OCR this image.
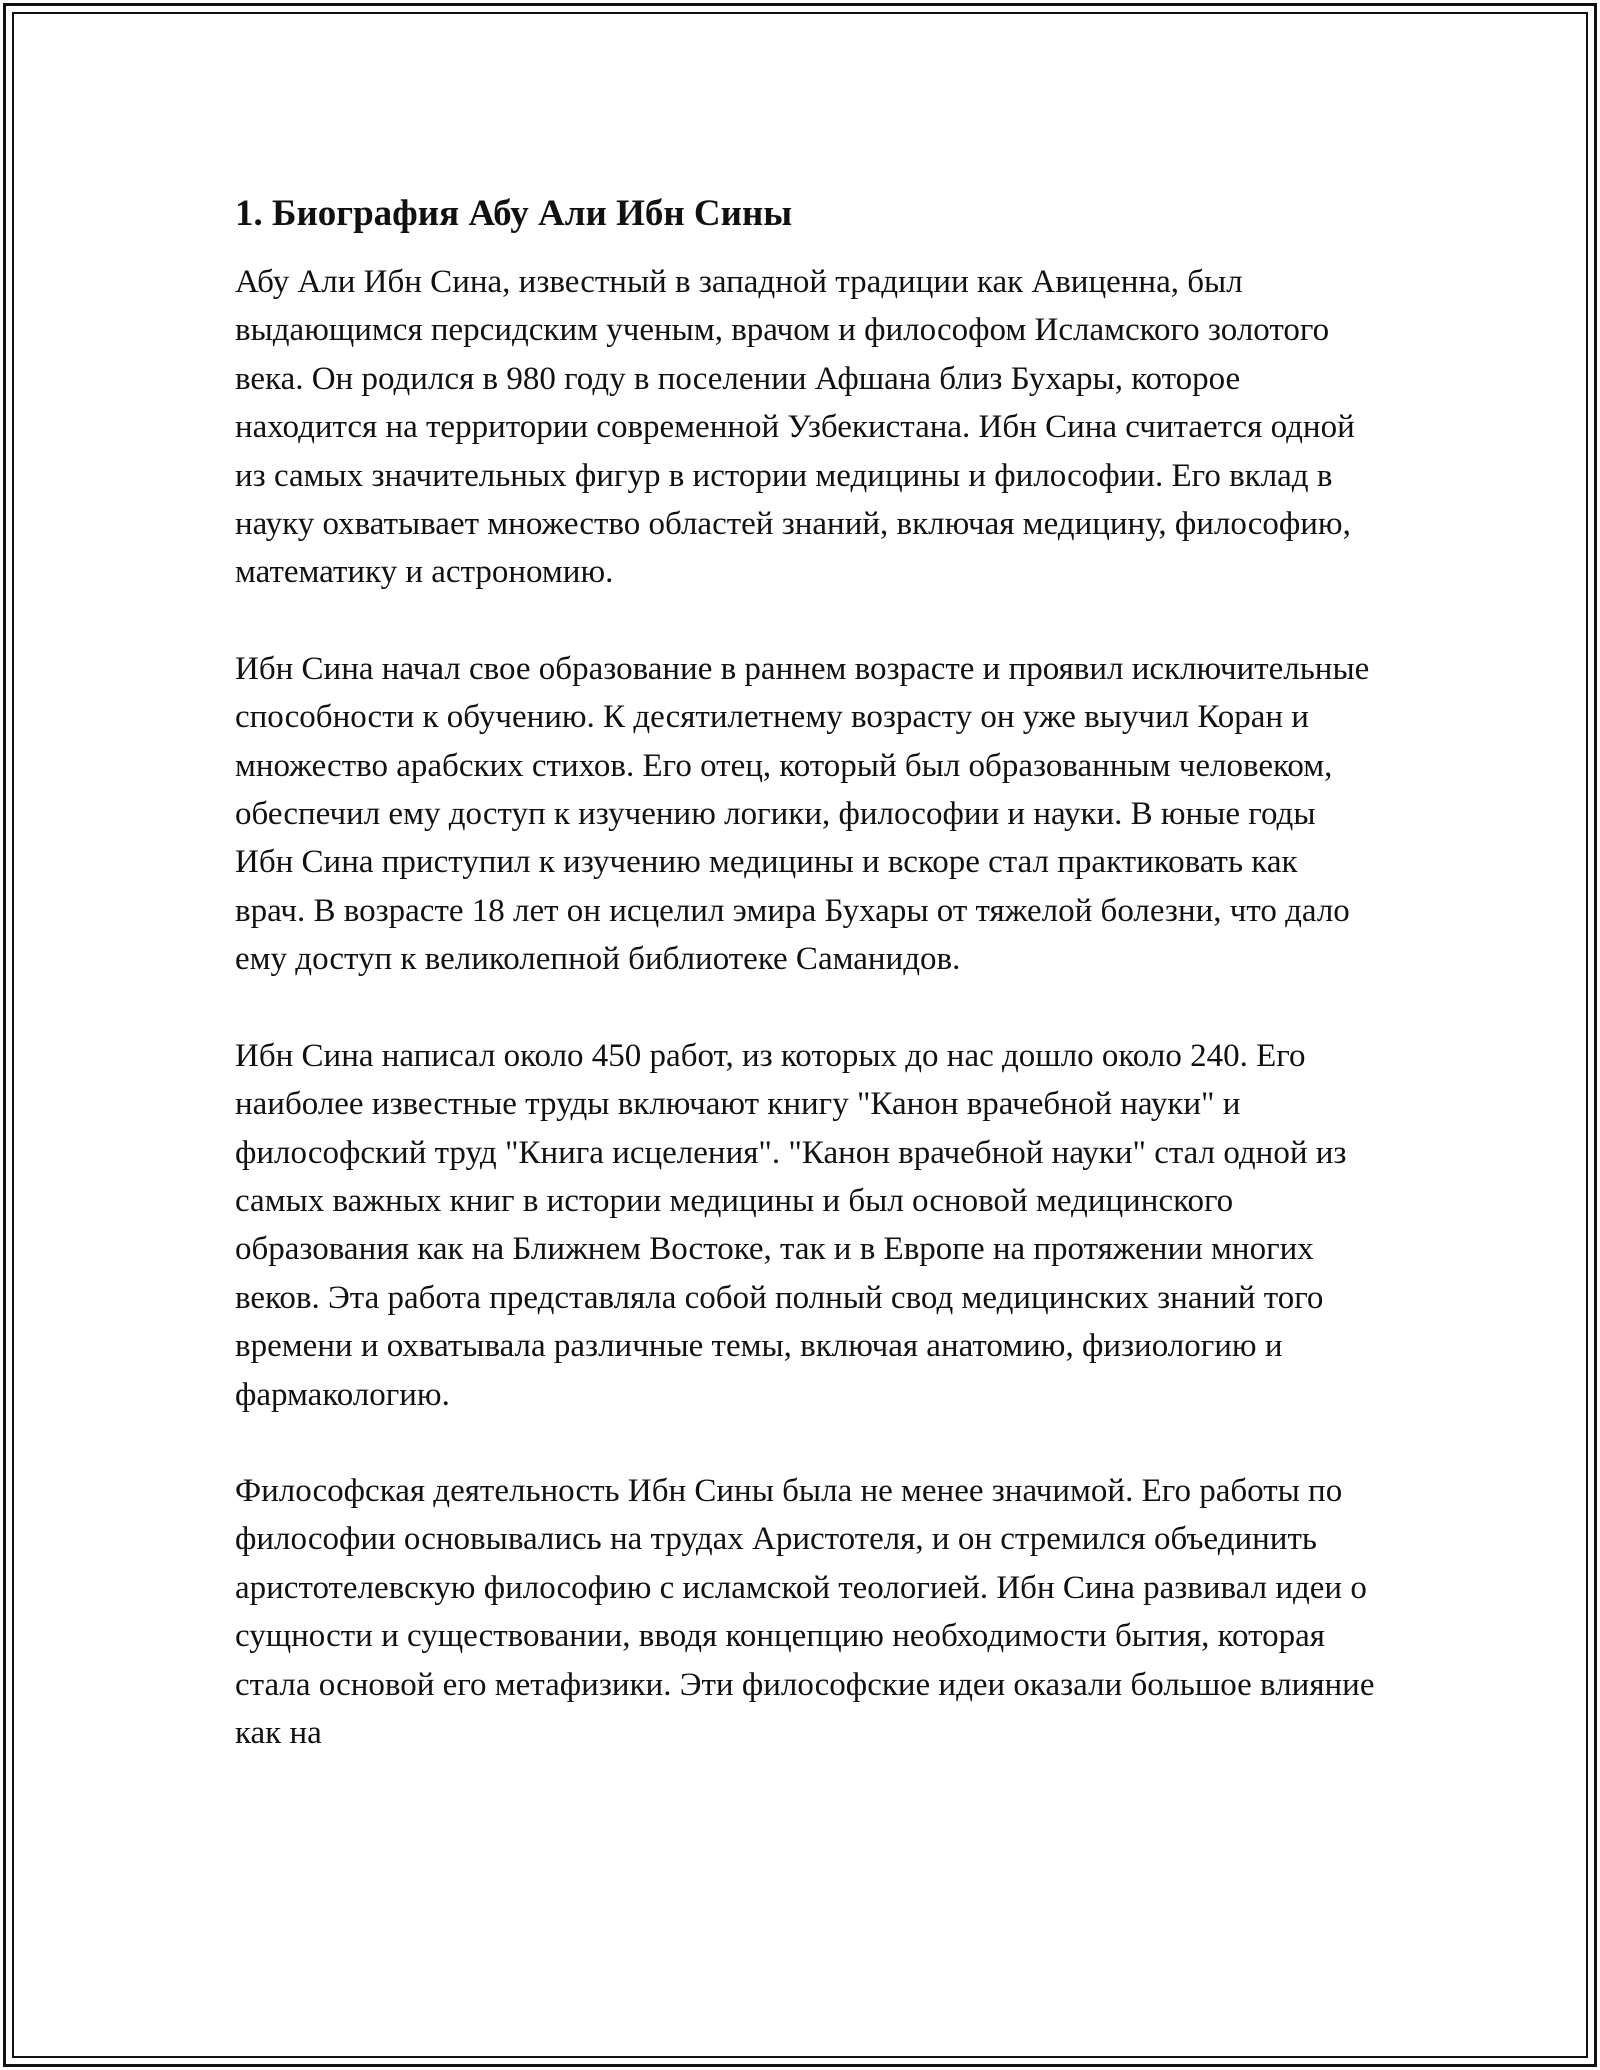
1. Биография Абу Али Ибн Сины

Абу Али Ибн Сина, известный в западной традиции как Авиценна, был выдающимся персидским ученым, врачом и философом Исламского золотого века. Он родился в 980 году в поселении Афшана близ Бухары, которое находится на территории современной Узбекистана. Ибн Сина считается одной из самых значительных фигур в истории медицины и философии. Его вклад в науку охватывает множество областей знаний, включая медицину, философию, математику и астрономию.

Ибн Сина начал свое образование в раннем возрасте и проявил исключительные способности к обучению. К десятилетнему возрасту он уже выучил Коран и множество арабских стихов. Его отец, который был образованным человеком, обеспечил ему доступ к изучению логики, философии и науки. В юные годы Ибн Сина приступил к изучению медицины и вскоре стал практиковать как врач. В возрасте 18 лет он исцелил эмира Бухары от тяжелой болезни, что дало ему доступ к великолепной библиотеке Саманидов.

Ибн Сина написал около 450 работ, из которых до нас дошло около 240. Его наиболее известные труды включают книгу "Канон врачебной науки" и философский труд "Книга исцеления". "Канон врачебной науки" стал одной из самых важных книг в истории медицины и был основой медицинского образования как на Ближнем Востоке, так и в Европе на протяжении многих веков. Эта работа представляла собой полный свод медицинских знаний того времени и охватывала различные темы, включая анатомию, физиологию и фармакологию.

Философская деятельность Ибн Сины была не менее значимой. Его работы по философии основывались на трудах Аристотеля, и он стремился объединить аристотелевскую философию с исламской теологией. Ибн Сина развивал идеи о сущности и существовании, вводя концепцию необходимости бытия, которая стала основой его метафизики. Эти философские идеи оказали большое влияние как на
